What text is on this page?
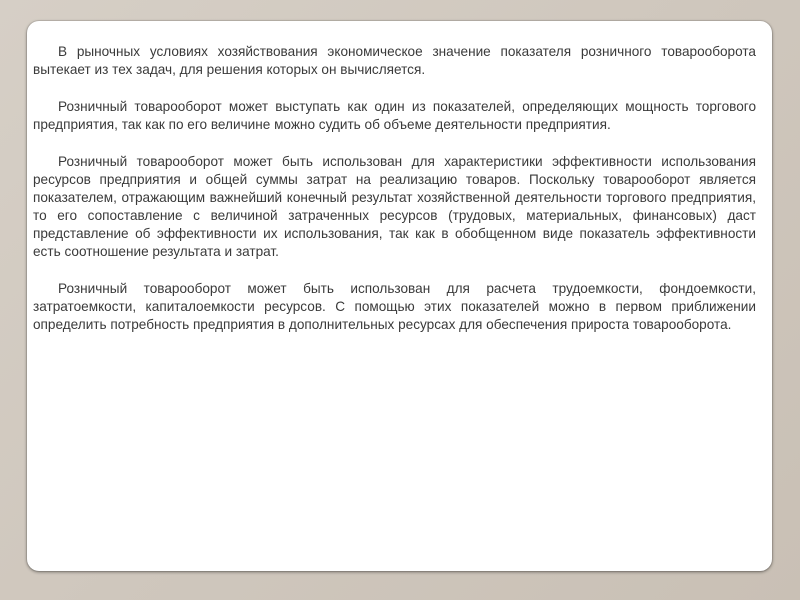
В рыночных условиях хозяйствования экономическое значение показателя розничного товарооборота вытекает из тех задач, для решения которых он вычисляется.

Розничный товарооборот может выступать как один из показателей, определяющих мощность торгового предприятия, так как по его величине можно судить об объеме деятельности предприятия.

Розничный товарооборот может быть использован для характеристики эффективности использования ресурсов предприятия и общей суммы затрат на реализацию товаров. Поскольку товарооборот является показателем, отражающим важнейший конечный результат хозяйственной деятельности торгового предприятия, то его сопоставление с величиной затраченных ресурсов (трудовых, материальных, финансовых) даст представление об эффективности их использования, так как в обобщенном виде показатель эффективности есть соотношение результата и затрат.

Розничный товарооборот может быть использован для расчета трудоемкости, фондоемкости, затратоемкости, капиталоемкости ресурсов. С помощью этих показателей можно в первом приближении определить потребность предприятия в дополнительных ресурсах для обеспечения прироста товарооборота.
